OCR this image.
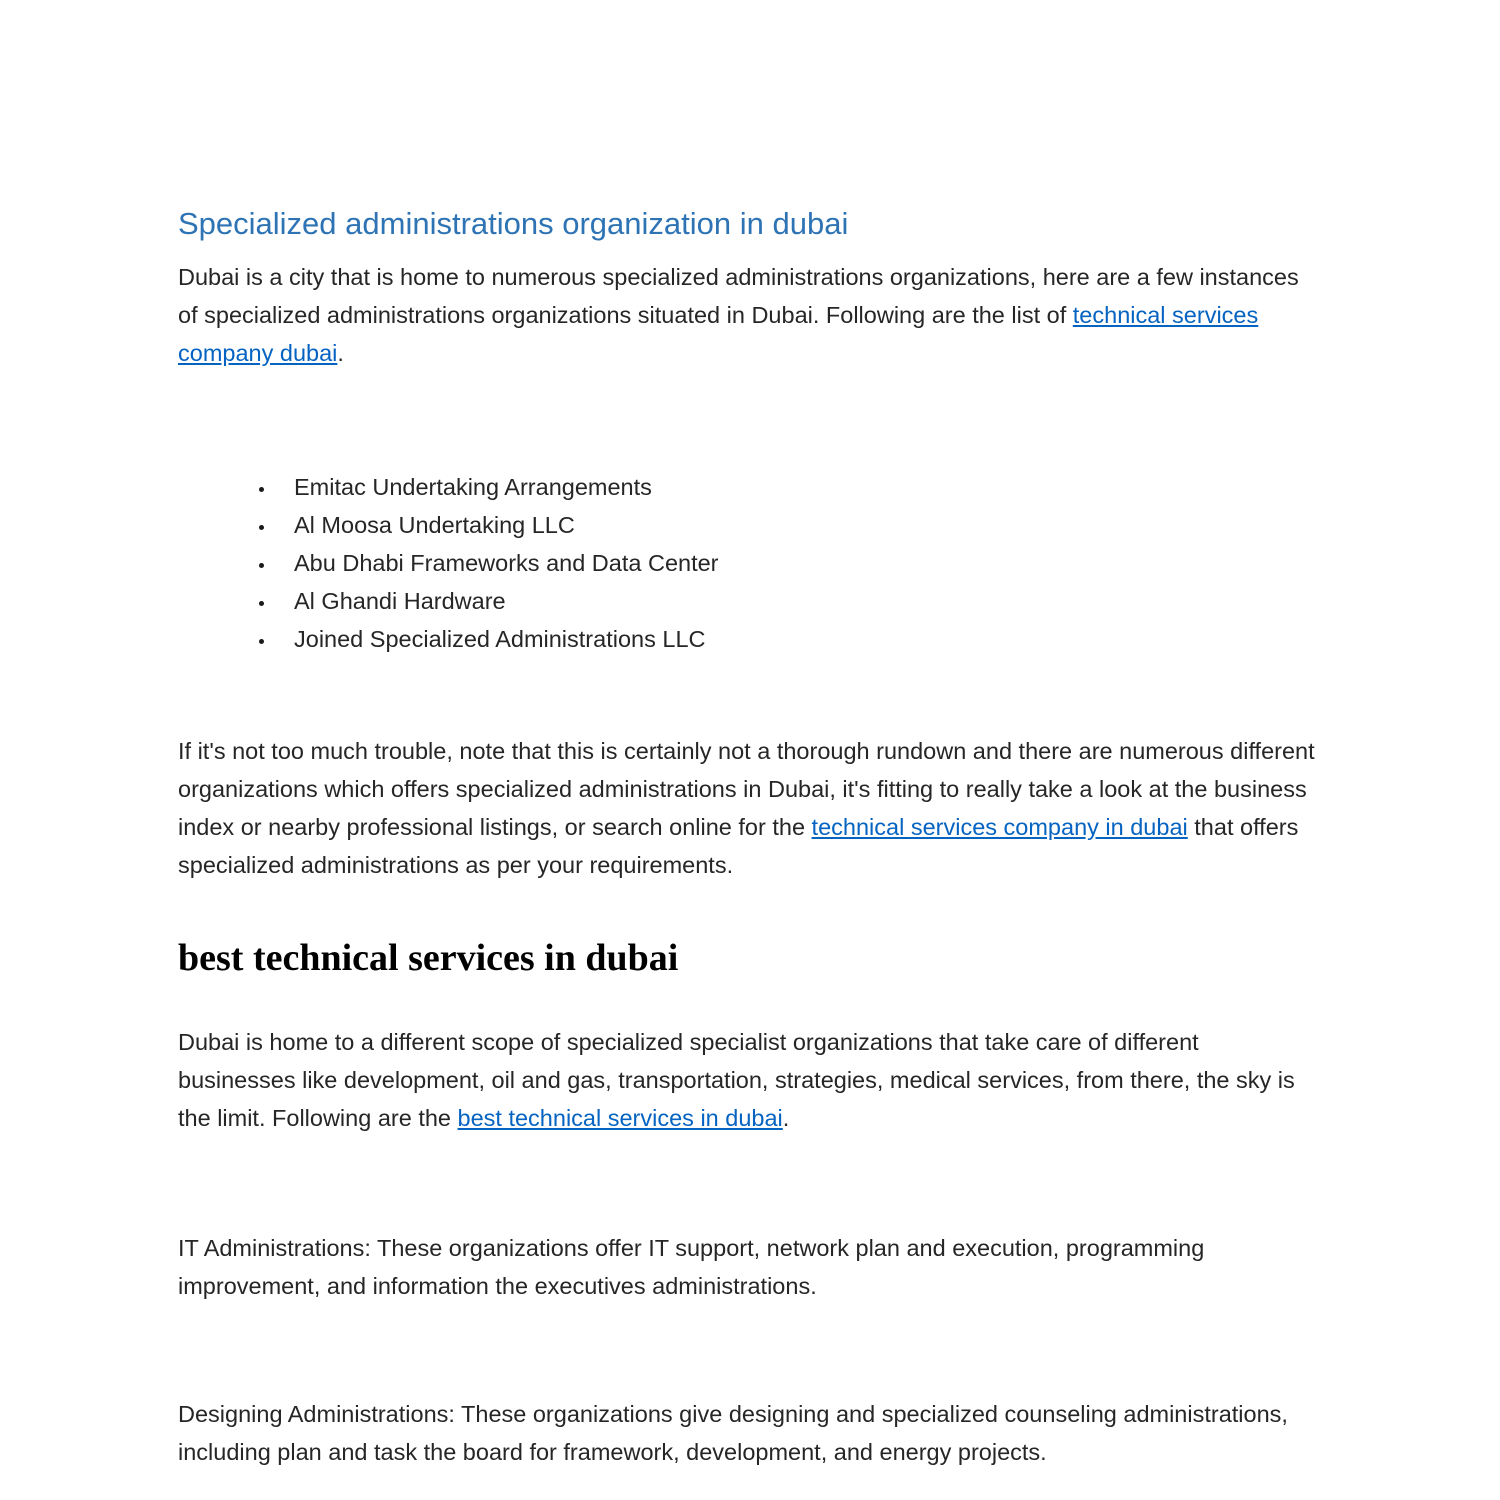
Specialized administrations organization in dubai

Dubai is a city that is home to numerous specialized administrations organizations, here are a few instances of specialized administrations organizations situated in Dubai. Following are the list of technical services company dubai.

• Emitac Undertaking Arrangements
• Al Moosa Undertaking LLC
• Abu Dhabi Frameworks and Data Center
• Al Ghandi Hardware
• Joined Specialized Administrations LLC

If it's not too much trouble, note that this is certainly not a thorough rundown and there are numerous different organizations which offers specialized administrations in Dubai, it's fitting to really take a look at the business index or nearby professional listings, or search online for the technical services company in dubai that offers specialized administrations as per your requirements.

best technical services in dubai

Dubai is home to a different scope of specialized specialist organizations that take care of different businesses like development, oil and gas, transportation, strategies, medical services, from there, the sky is the limit. Following are the best technical services in dubai.

IT Administrations: These organizations offer IT support, network plan and execution, programming improvement, and information the executives administrations.

Designing Administrations: These organizations give designing and specialized counseling administrations, including plan and task the board for framework, development, and energy projects.
